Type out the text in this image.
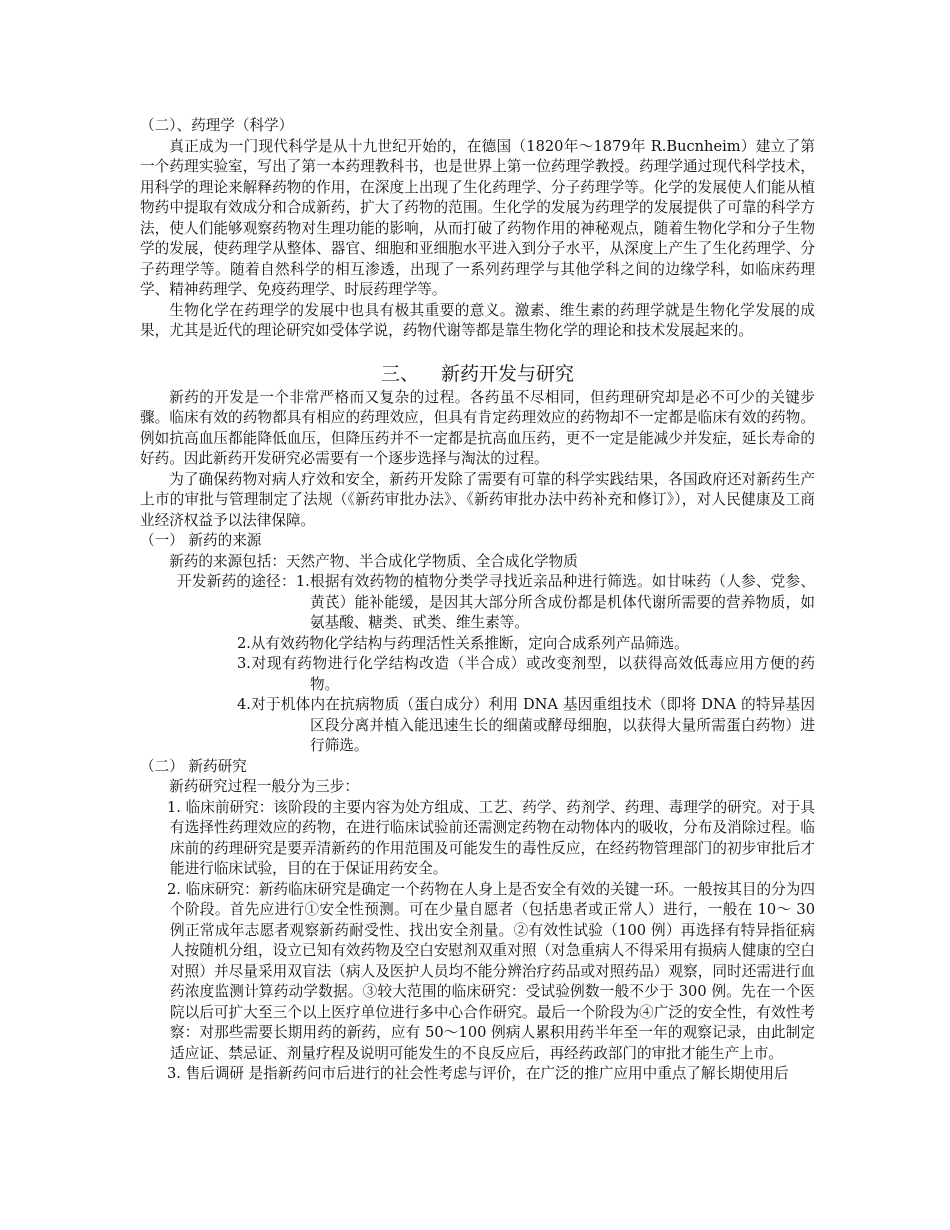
（二）、药理学（科学）

真正成为一门现代科学是从十九世纪开始的，在德国（1820年～1879年 R.Bucnheim）建立了第一个药理实验室，写出了第一本药理教科书，也是世界上第一位药理学教授。药理学通过现代科学技术，用科学的理论来解释药物的作用，在深度上出现了生化药理学、分子药理学等。化学的发展使人们能从植物药中提取有效成分和合成新药，扩大了药物的范围。生化学的发展为药理学的发展提供了可靠的科学方法，使人们能够观察药物对生理功能的影响，从而打破了药物作用的神秘观点，随着生物化学和分子生物学的发展，使药理学从整体、器官、细胞和亚细胞水平进入到分子水平，从深度上产生了生化药理学、分子药理学等。随着自然科学的相互渗透，出现了一系列药理学与其他学科之间的边缘学科，如临床药理学、精神药理学、免疫药理学、时辰药理学等。

生物化学在药理学的发展中也具有极其重要的意义。激素、维生素的药理学就是生物化学发展的成果，尤其是近代的理论研究如受体学说，药物代谢等都是靠生物化学的理论和技术发展起来的。

三、 新药开发与研究

新药的开发是一个非常严格而又复杂的过程。各药虽不尽相同，但药理研究却是必不可少的关键步骤。临床有效的药物都具有相应的药理效应，但具有肯定药理效应的药物却不一定都是临床有效的药物。例如抗高血压都能降低血压，但降压药并不一定都是抗高血压药，更不一定是能减少并发症，延长寿命的好药。因此新药开发研究必需要有一个逐步选择与淘汰的过程。

为了确保药物对病人疗效和安全，新药开发除了需要有可靠的科学实践结果，各国政府还对新药生产上市的审批与管理制定了法规（《新药审批办法》、《新药审批办法中药补充和修订》），对人民健康及工商业经济权益予以法律保障。

（一） 新药的来源

新药的来源包括：天然产物、半合成化学物质、全合成化学物质

开发新药的途径：1.根据有效药物的植物分类学寻找近亲品种进行筛选。如甘味药（人参、党参、黄芪）能补能缓，是因其大部分所含成份都是机体代谢所需要的营养物质，如氨基酸、糖类、甙类、维生素等。

2.从有效药物化学结构与药理活性关系推断，定向合成系列产品筛选。

3.对现有药物进行化学结构改造（半合成）或改变剂型，以获得高效低毒应用方便的药物。

4.对于机体内在抗病物质（蛋白成分）利用 DNA 基因重组技术（即将 DNA 的特异基因区段分离并植入能迅速生长的细菌或酵母细胞，以获得大量所需蛋白药物）进行筛选。

（二） 新药研究

新药研究过程一般分为三步：

1. 临床前研究：该阶段的主要内容为处方组成、工艺、药学、药剂学、药理、毒理学的研究。对于具有选择性药理效应的药物，在进行临床试验前还需测定药物在动物体内的吸收，分布及消除过程。临床前的药理研究是要弄清新药的作用范围及可能发生的毒性反应，在经药物管理部门的初步审批后才能进行临床试验，目的在于保证用药安全。

2. 临床研究：新药临床研究是确定一个药物在人身上是否安全有效的关键一环。一般按其目的分为四个阶段。首先应进行①安全性预测。可在少量自愿者（包括患者或正常人）进行，一般在 10～ 30 例正常成年志愿者观察新药耐受性、找出安全剂量。②有效性试验（100 例）再选择有特异指征病人按随机分组，设立已知有效药物及空白安慰剂双重对照（对急重病人不得采用有损病人健康的空白对照）并尽量采用双盲法（病人及医护人员均不能分辨治疗药品或对照药品）观察，同时还需进行血药浓度监测计算药动学数据。③较大范围的临床研究：受试验例数一般不少于 300 例。先在一个医院以后可扩大至三个以上医疗单位进行多中心合作研究。最后一个阶段为④广泛的安全性，有效性考察：对那些需要长期用药的新药，应有 50～100 例病人累积用药半年至一年的观察记录，由此制定适应证、禁忌证、剂量疗程及说明可能发生的不良反应后，再经药政部门的审批才能生产上市。

3. 售后调研 是指新药问市后进行的社会性考虑与评价，在广泛的推广应用中重点了解长期使用后
